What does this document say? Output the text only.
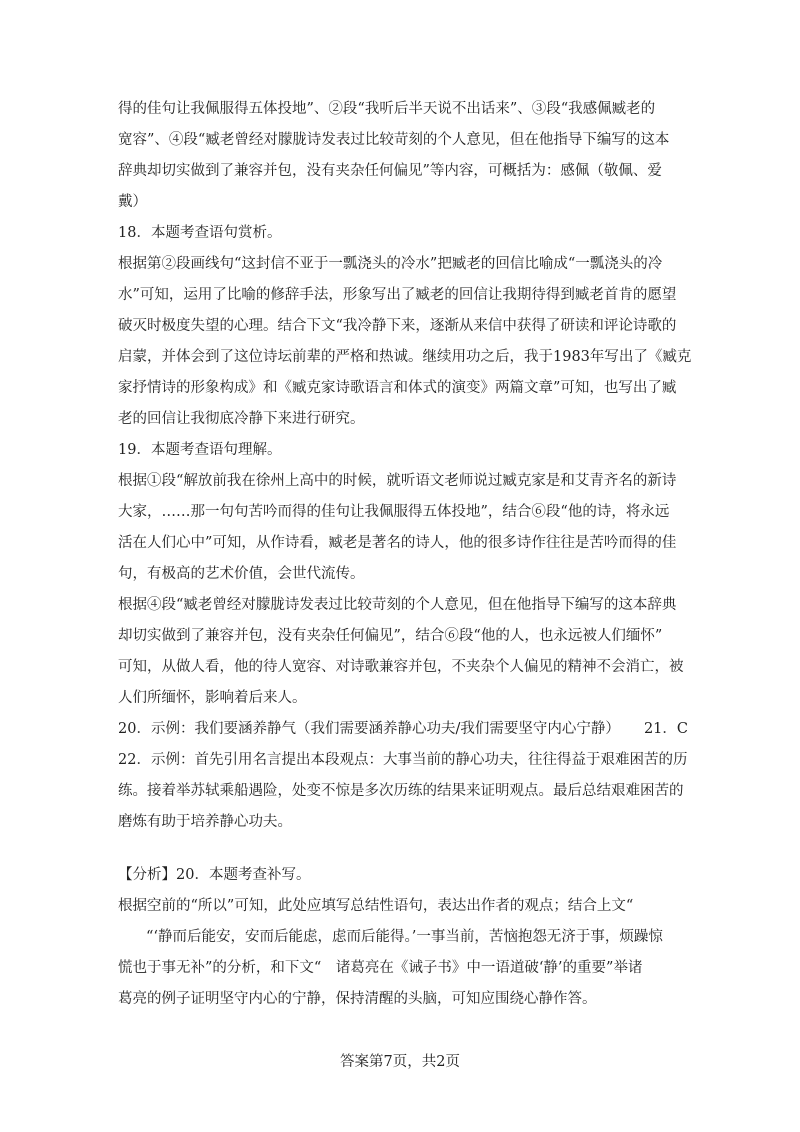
得的佳句让我佩服得五体投地”、②段“我听后半天说不出话来”、③段“我感佩臧老的
宽容”、④段“臧老曾经对朦胧诗发表过比较苛刻的个人意见，但在他指导下编写的这本
辞典却切实做到了兼容并包，没有夹杂任何偏见”等内容，可概括为：感佩（敬佩、爱
戴）
18．本题考查语句赏析。
根据第②段画线句“这封信不亚于一瓢浇头的冷水”把臧老的回信比喻成“一瓢浇头的冷
水”可知，运用了比喻的修辞手法，形象写出了臧老的回信让我期待得到臧老首肯的愿望
破灭时极度失望的心理。结合下文“我冷静下来，逐渐从来信中获得了研读和评论诗歌的
启蒙，并体会到了这位诗坛前辈的严格和热诚。继续用功之后，我于1983年写出了《臧克
家抒情诗的形象构成》和《臧克家诗歌语言和体式的演变》两篇文章”可知，也写出了臧
老的回信让我彻底冷静下来进行研究。
19．本题考查语句理解。
根据①段“解放前我在徐州上高中的时候，就听语文老师说过臧克家是和艾青齐名的新诗
大家，……那一句句苦吟而得的佳句让我佩服得五体投地”，结合⑥段“他的诗，将永远
活在人们心中”可知，从作诗看，臧老是著名的诗人，他的很多诗作往往是苦吟而得的佳
句，有极高的艺术价值，会世代流传。
根据④段“臧老曾经对朦胧诗发表过比较苛刻的个人意见，但在他指导下编写的这本辞典
却切实做到了兼容并包，没有夹杂任何偏见”，结合⑥段“他的人，也永远被人们缅怀”
可知，从做人看，他的待人宽容、对诗歌兼容并包，不夹杂个人偏见的精神不会消亡，被
人们所缅怀，影响着后来人。
20．示例：我们要涵养静气（我们需要涵养静心功夫/我们需要坚守内心宁静） 21．C
22．示例：首先引用名言提出本段观点：大事当前的静心功夫，往往得益于艰难困苦的历
练。接着举苏轼乘船遇险，处变不惊是多次历练的结果来证明观点。最后总结艰难困苦的
磨炼有助于培养静心功夫。
【分析】20．本题考查补写。
根据空前的“所以”可知，此处应填写总结性语句，表达出作者的观点；结合上文“
“‘静而后能安，安而后能虑，虑而后能得。’一事当前，苦恼抱怨无济于事，烦躁惊
慌也于事无补”的分析，和下文“　诸葛亮在《诫子书》中一语道破‘静’的重要”举诸
葛亮的例子证明坚守内心的宁静，保持清醒的头脑，可知应围绕心静作答。
答案第7页，共2页
